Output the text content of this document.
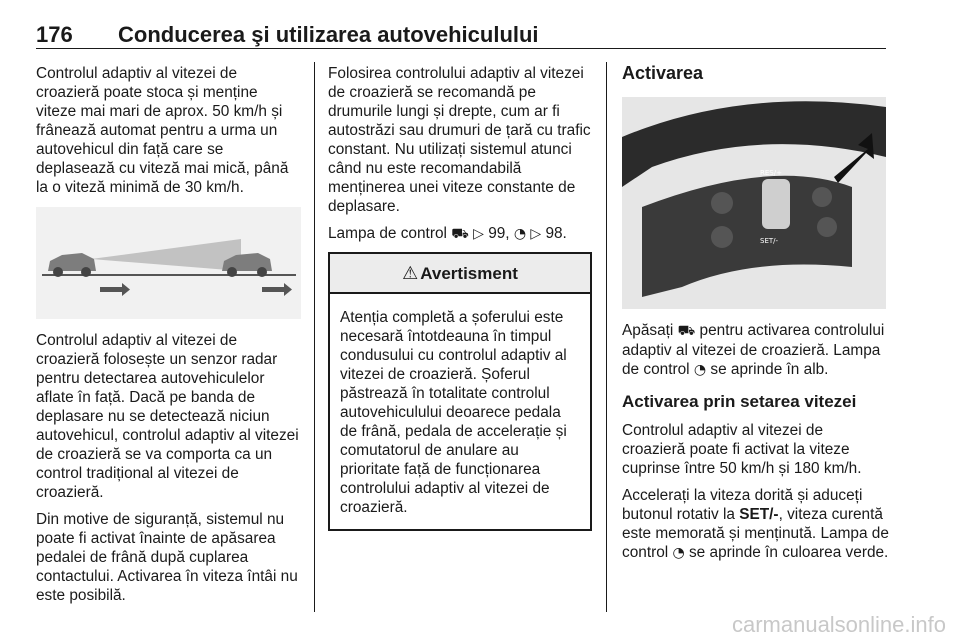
176 Conducerea şi utilizarea autovehiculului

Controlul adaptiv al vitezei de croazieră poate stoca și menține viteze mai mari de aprox. 50 km/h și frânează automat pentru a urma un autovehicul din față care se deplasează cu viteză mai mică, până la o viteză minimă de 30 km/h.

Controlul adaptiv al vitezei de croazieră folosește un senzor radar pentru detectarea autovehiculelor aflate în față. Dacă pe banda de deplasare nu se detectează niciun autovehicul, controlul adaptiv al vitezei de croazieră se va comporta ca un control tradițional al vitezei de croazieră.

Din motive de siguranță, sistemul nu poate fi activat înainte de apăsarea pedalei de frână după cuplarea contactului. Activarea în viteza întâi nu este posibilă.

Folosirea controlului adaptiv al vitezei de croazieră se recomandă pe drumurile lungi și drepte, cum ar fi autostrăzi sau drumuri de țară cu trafic constant. Nu utilizați sistemul atunci când nu este recomandabilă menținerea unei viteze constante de deplasare.

Lampa de control ⛟ ▷ 99, ◔ ▷ 98.

⚠ Avertisment
Atenția completă a șoferului este necesară întotdeauna în timpul condusului cu controlul adaptiv al vitezei de croazieră. Șoferul păstrează în totalitate controlul autovehiculului deoarece pedala de frână, pedala de accelerație și comutatorul de anulare au prioritate față de funcționarea controlului adaptiv al vitezei de croazieră.
Activarea
RES/+
SET/-

Apăsați ⛟ pentru activarea controlului adaptiv al vitezei de croazieră. Lampa de control ◔ se aprinde în alb.

Activarea prin setarea vitezei

Controlul adaptiv al vitezei de croazieră poate fi activat la viteze cuprinse între 50 km/h și 180 km/h.

Accelerați la viteza dorită și aduceți butonul rotativ la SET/-, viteza curentă este memorată și menținută. Lampa de control ◔ se aprinde în culoarea verde.

carmanualsonline.info
